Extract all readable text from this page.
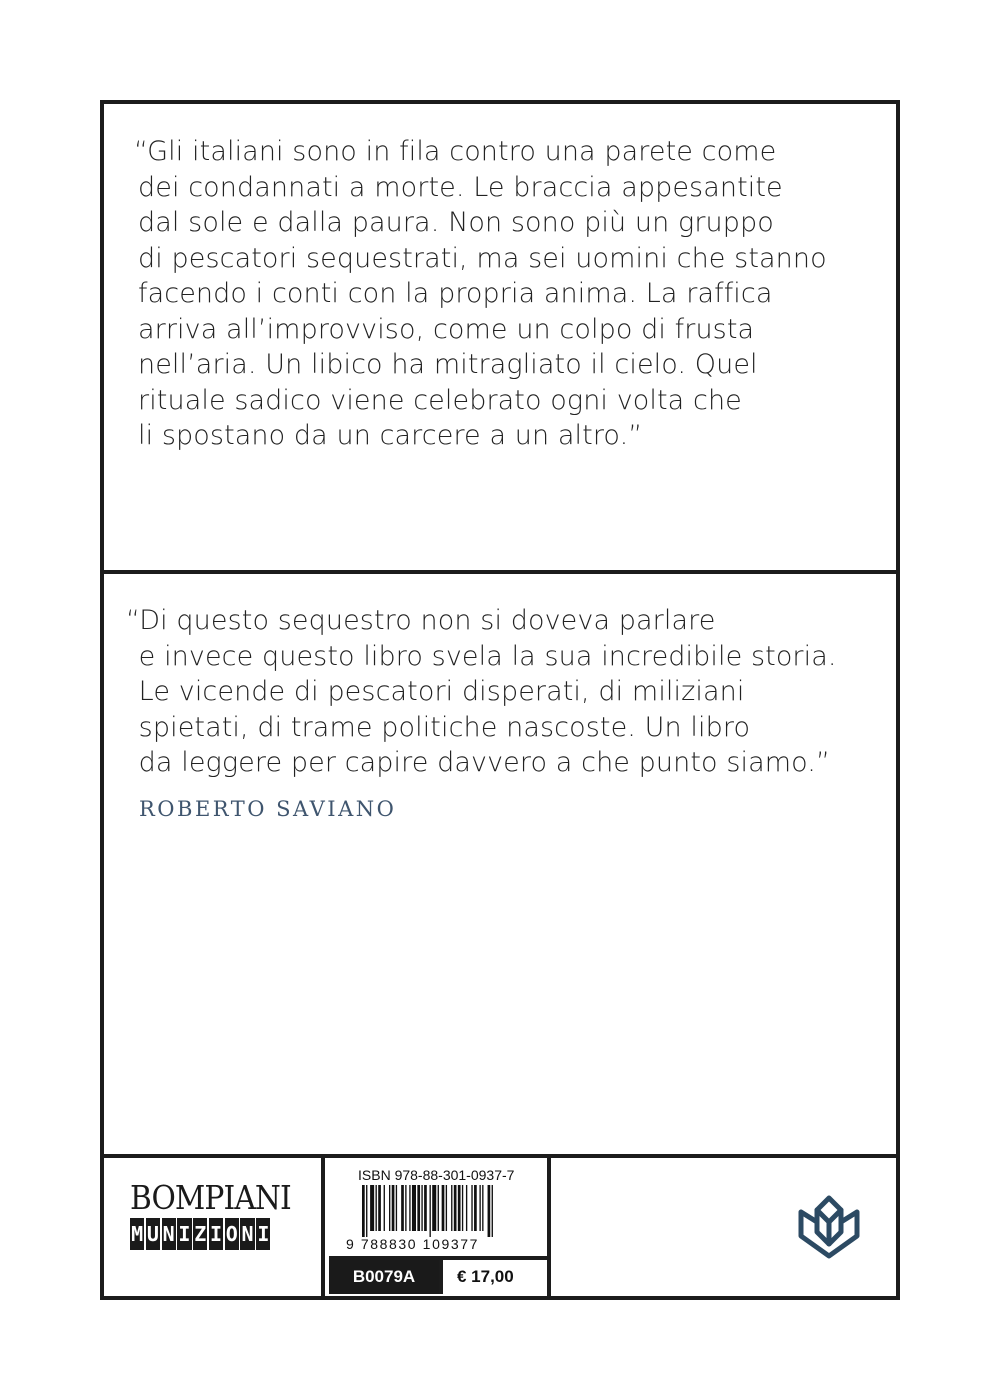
“Gli italiani sono in fila contro una parete come
dei condannati a morte. Le braccia appesantite
dal sole e dalla paura. Non sono più un gruppo
di pescatori sequestrati, ma sei uomini che stanno
facendo i conti con la propria anima. La raffica
arriva all’improvviso, come un colpo di frusta
nell’aria. Un libico ha mitragliato il cielo. Quel
rituale sadico viene celebrato ogni volta che
li spostano da un carcere a un altro.”
“Di questo sequestro non si doveva parlare
e invece questo libro svela la sua incredibile storia.
Le vicende di pescatori disperati, di miliziani
spietati, di trame politiche nascoste. Un libro
da leggere per capire davvero a che punto siamo.”
ROBERTO SAVIANO
BOMPIANI
M U N I Z I O N I
ISBN 978-88-301-0937-7
9 788830 109377
B0079A	€ 17,00
